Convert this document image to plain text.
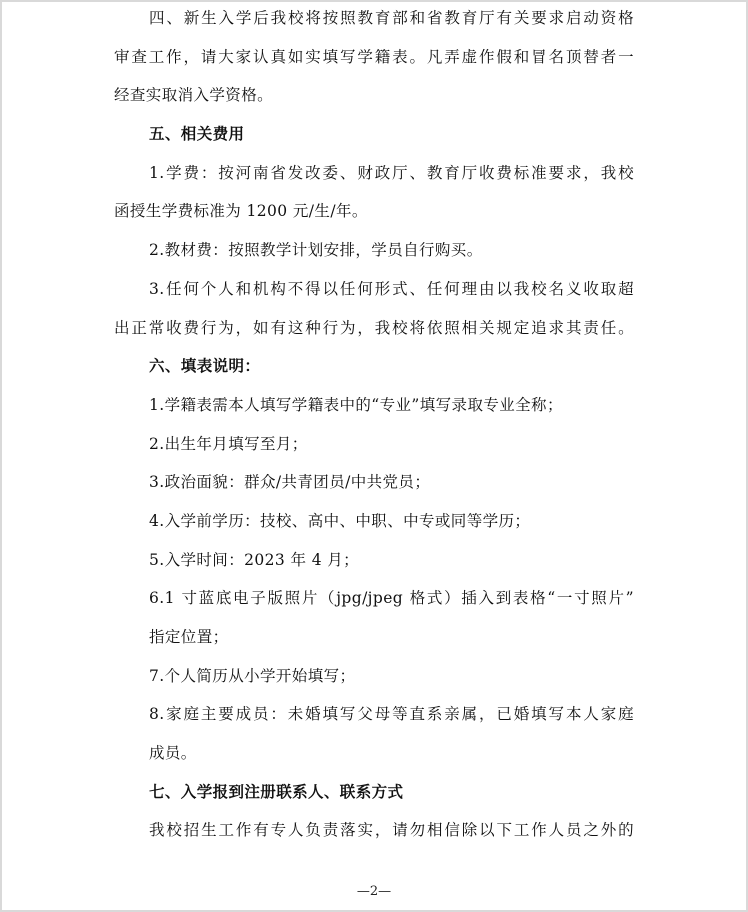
四、新生入学后我校将按照教育部和省教育厅有关要求启动资格
审查工作，请大家认真如实填写学籍表。凡弄虚作假和冒名顶替者一
经查实取消入学资格。
五、相关费用
1.学费：按河南省发改委、财政厅、教育厅收费标准要求，我校
函授生学费标准为 1200 元/生/年。
2.教材费：按照教学计划安排，学员自行购买。
3.任何个人和机构不得以任何形式、任何理由以我校名义收取超
出正常收费行为，如有这种行为，我校将依照相关规定追求其责任。
六、填表说明：
1.学籍表需本人填写学籍表中的“专业”填写录取专业全称；
2.出生年月填写至月；
3.政治面貌：群众/共青团员/中共党员；
4.入学前学历：技校、高中、中职、中专或同等学历；
5.入学时间：2023 年 4 月；
6.1 寸蓝底电子版照片（jpg/jpeg 格式）插入到表格“一寸照片”
指定位置；
7.个人简历从小学开始填写；
8.家庭主要成员：未婚填写父母等直系亲属，已婚填写本人家庭
成员。
七、入学报到注册联系人、联系方式
我校招生工作有专人负责落实，请勿相信除以下工作人员之外的
—2—
